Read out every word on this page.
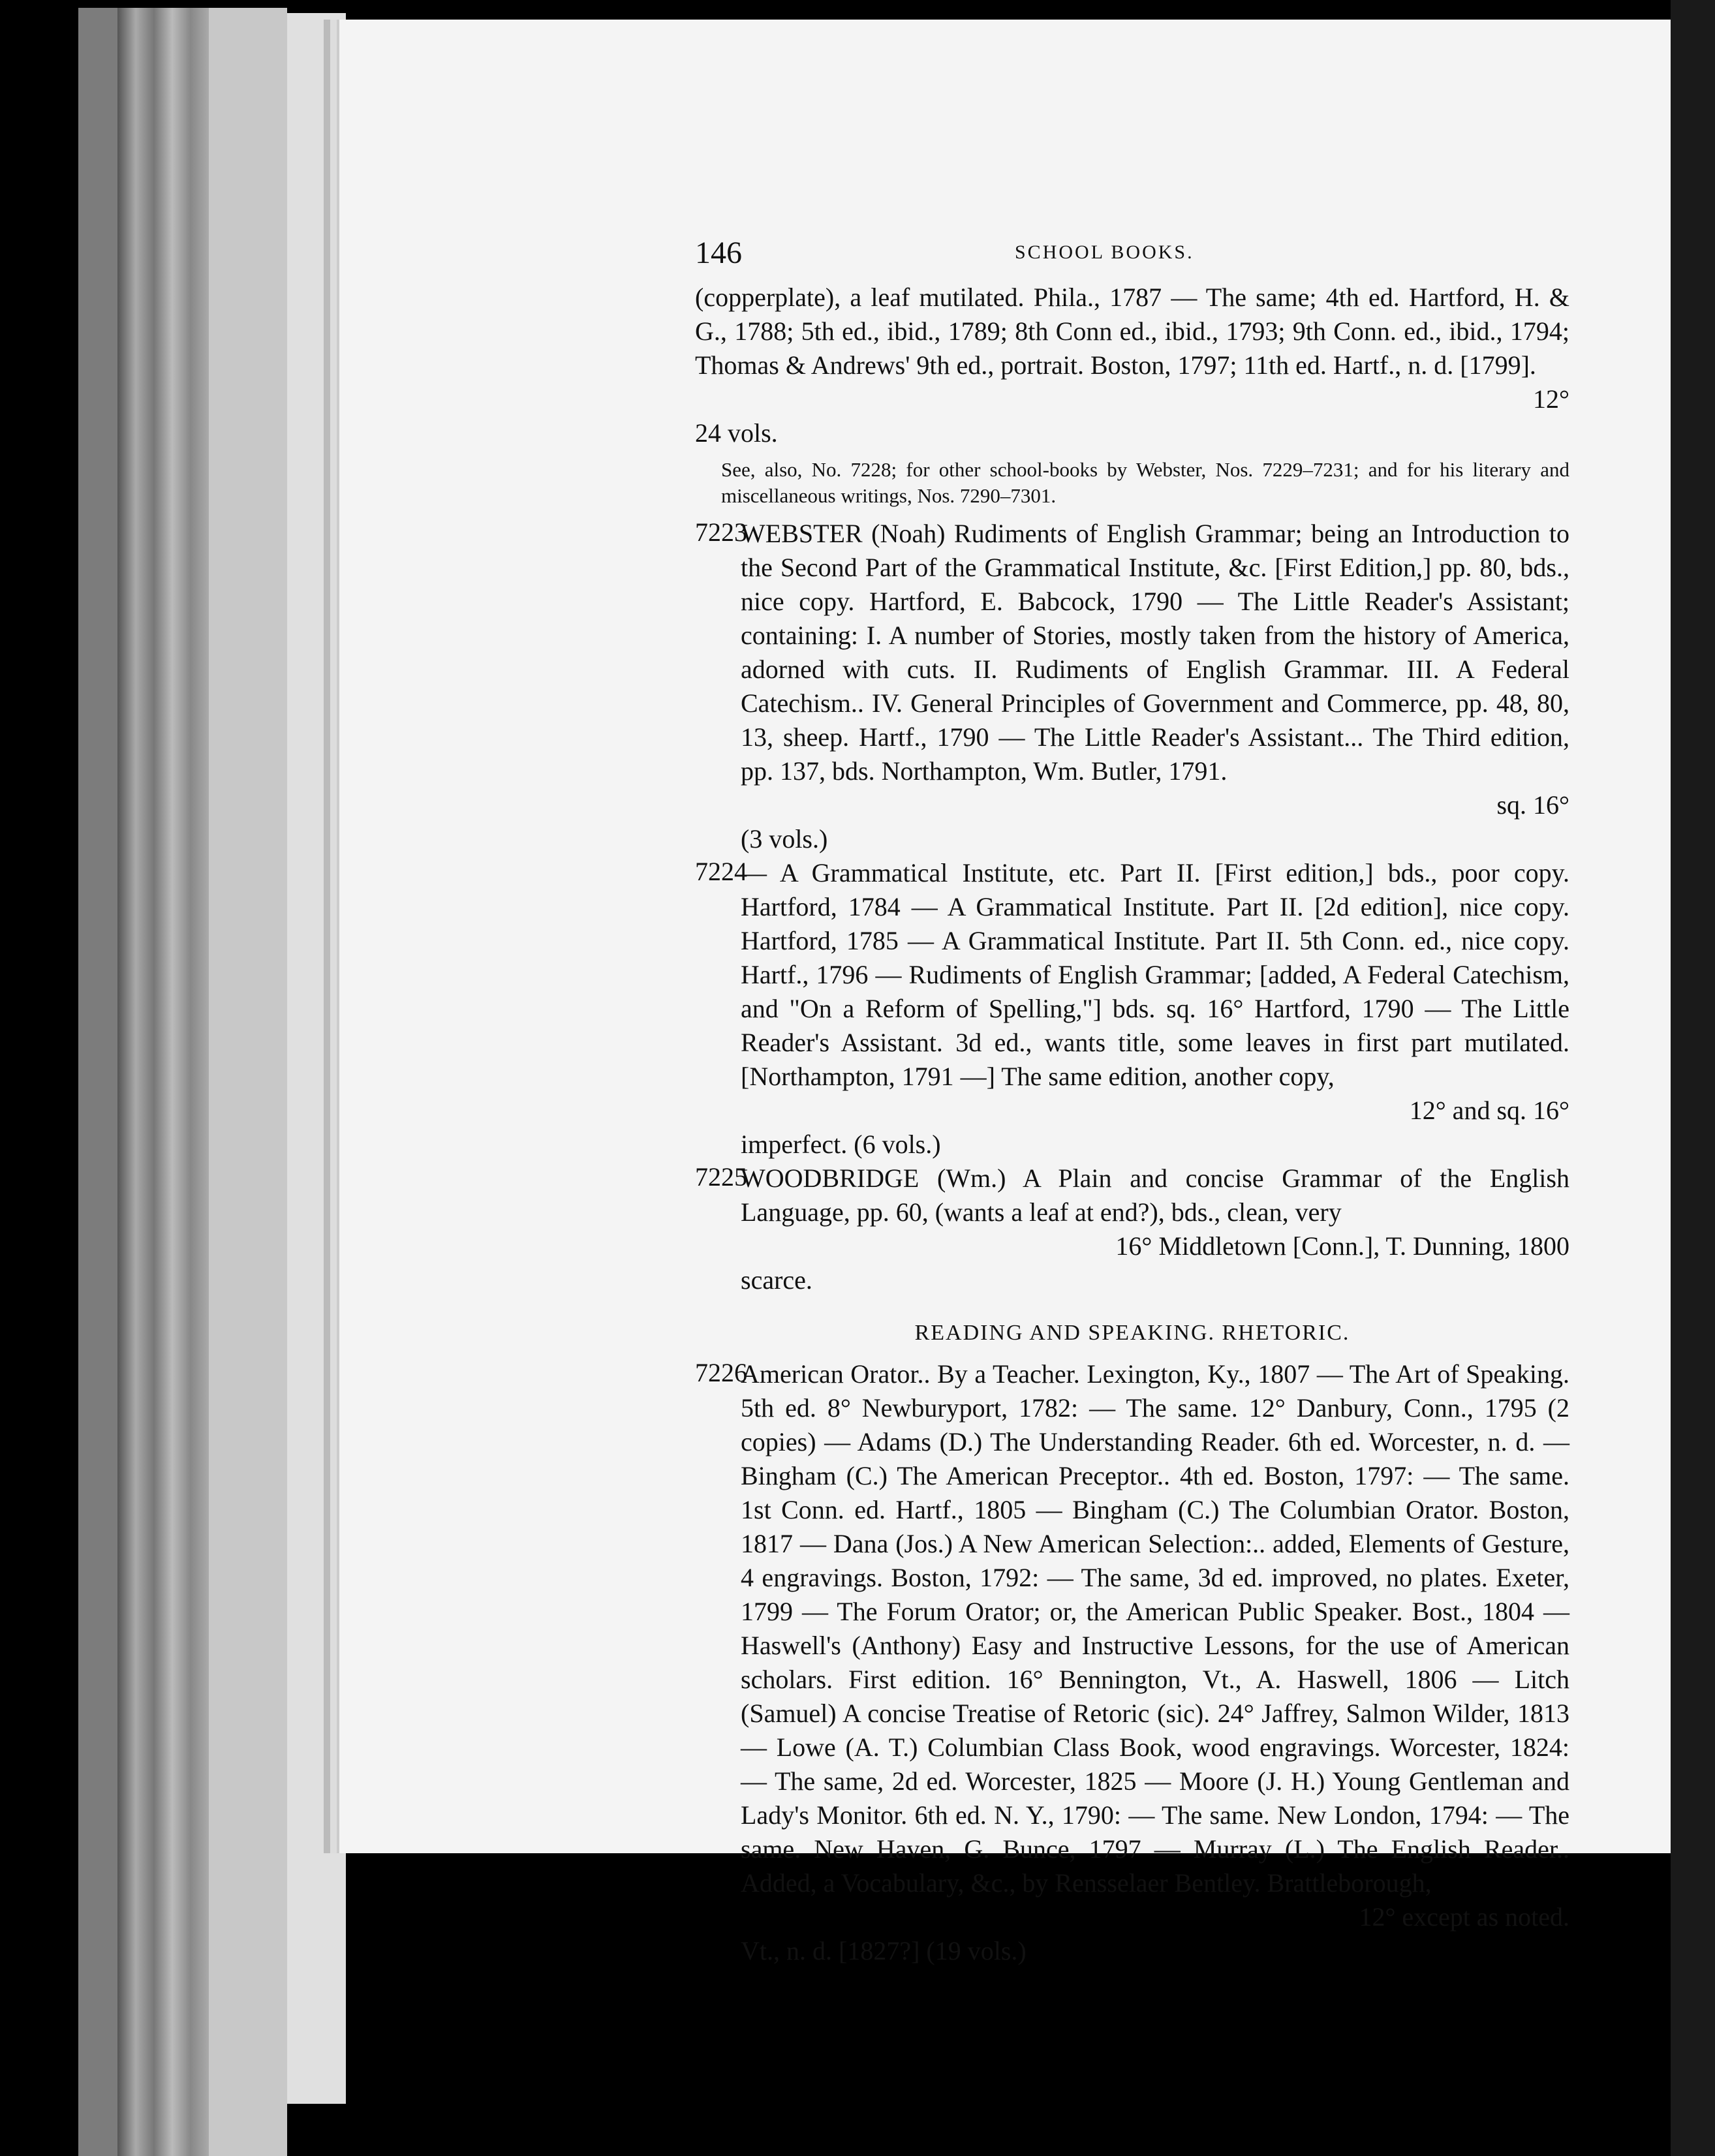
146	SCHOOL BOOKS.

(copperplate), a leaf mutilated. Phila., 1787 — The same; 4th ed. Hartford, H. & G., 1788; 5th ed., ibid., 1789; 8th Conn ed., ibid., 1793; 9th Conn. ed., ibid., 1794; Thomas & Andrews' 9th ed., portrait. Boston, 1797; 11th ed. Hartf., n. d. [1799].

12°

24 vols.

See, also, No. 7228; for other school-books by Webster, Nos. 7229–7231; and for his literary and miscellaneous writings, Nos. 7290–7301.

7223

WEBSTER (Noah) Rudiments of English Grammar; being an Introduction to the Second Part of the Grammatical Institute, &c. [First Edition,] pp. 80, bds., nice copy. Hartford, E. Babcock, 1790 — The Little Reader's Assistant; containing: I. A number of Stories, mostly taken from the history of America, adorned with cuts. II. Rudiments of English Grammar. III. A Federal Catechism.. IV. General Principles of Government and Commerce, pp. 48, 80, 13, sheep. Hartf., 1790 — The Little Reader's Assistant... The Third edition, pp. 137, bds. Northampton, Wm. Butler, 1791.

sq. 16°

(3 vols.)

7224

— A Grammatical Institute, etc. Part II. [First edition,] bds., poor copy. Hartford, 1784 — A Grammatical Institute. Part II. [2d edition], nice copy. Hartford, 1785 — A Grammatical Institute. Part II. 5th Conn. ed., nice copy. Hartf., 1796 — Rudiments of English Grammar; [added, A Federal Catechism, and "On a Reform of Spelling,"] bds. sq. 16° Hartford, 1790 — The Little Reader's Assistant. 3d ed., wants title, some leaves in first part mutilated. [Northampton, 1791 —] The same edition, another copy,

12° and sq. 16°

imperfect. (6 vols.)

7225

WOODBRIDGE (Wm.) A Plain and concise Grammar of the English Language, pp. 60, (wants a leaf at end?), bds., clean, very

16° Middletown [Conn.], T. Dunning, 1800

scarce.

READING AND SPEAKING. RHETORIC.
7226

American Orator.. By a Teacher. Lexington, Ky., 1807 — The Art of Speaking. 5th ed. 8° Newburyport, 1782: — The same. 12° Danbury, Conn., 1795 (2 copies) — Adams (D.) The Understanding Reader. 6th ed. Worcester, n. d. — Bingham (C.) The American Preceptor.. 4th ed. Boston, 1797: — The same. 1st Conn. ed. Hartf., 1805 — Bingham (C.) The Columbian Orator. Boston, 1817 — Dana (Jos.) A New American Selection:.. added, Elements of Gesture, 4 engravings. Boston, 1792: — The same, 3d ed. improved, no plates. Exeter, 1799 — The Forum Orator; or, the American Public Speaker. Bost., 1804 — Haswell's (Anthony) Easy and Instructive Lessons, for the use of American scholars. First edition. 16° Bennington, Vt., A. Haswell, 1806 — Litch (Samuel) A concise Treatise of Retoric (sic). 24° Jaffrey, Salmon Wilder, 1813 — Lowe (A. T.) Columbian Class Book, wood engravings. Worcester, 1824: — The same, 2d ed. Worcester, 1825 — Moore (J. H.) Young Gentleman and Lady's Monitor. 6th ed. N. Y., 1790: — The same. New London, 1794: — The same. New Haven, G. Bunce, 1797 — Murray (L.) The English Reader.. Added, a Vocabulary, &c., by Rensselaer Bentley. Brattleborough,

12° except as noted.

Vt., n. d. [1827?] (19 vols.)
